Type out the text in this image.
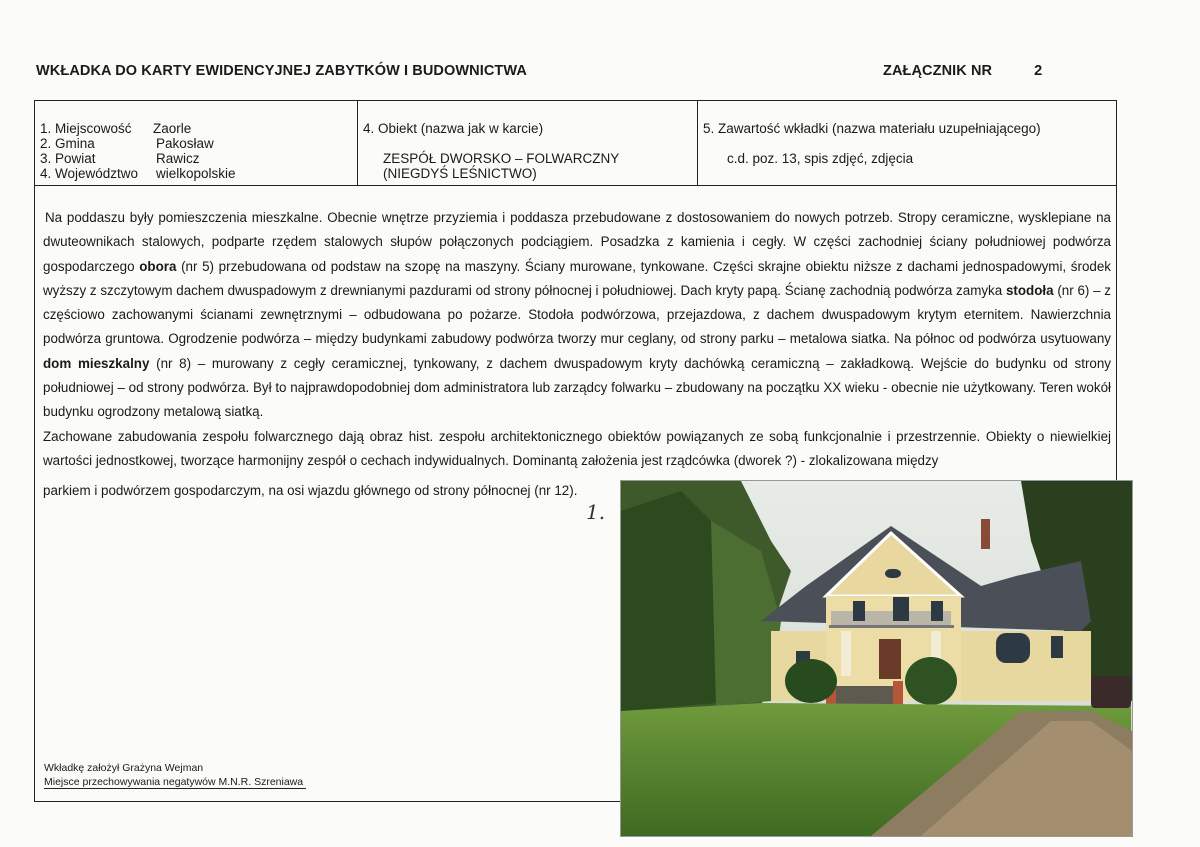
WKŁADKA DO KARTY EWIDENCYJNEJ ZABYTKÓW I BUDOWNICTWA	ZAŁĄCZNIK NR	2
1. Miejscowość Zaorle
2. Gmina	Pakosław
3. Powiat	Rawicz
4. Województwo wielkopolskie
4. Obiekt (nazwa jak w karcie)
ZESPÓŁ DWORSKO – FOLWARCZNY
(NIEGDYŚ LEŚNICTWO)
5. Zawartość wkładki (nazwa materiału uzupełniającego)
c.d. poz. 13, spis zdjęć, zdjęcia
Na poddaszu były pomieszczenia mieszkalne. Obecnie wnętrze przyziemia i poddasza przebudowane z dostosowaniem do nowych potrzeb. Stropy ceramiczne, wysklepiane na dwuteownikach stalowych, podparte rzędem stalowych słupów połączonych podciągiem. Posadzka z kamienia i cegły. W części zachodniej ściany południowej podwórza gospodarczego obora (nr 5) przebudowana od podstaw na szopę na maszyny. Ściany murowane, tynkowane. Części skrajne obiektu niższe z dachami jednospadowymi, środek wyższy z szczytowym dachem dwuspadowym z drewnianymi pazdurami od strony północnej i południowej. Dach kryty papą. Ścianę zachodnią podwórza zamyka stodoła (nr 6) – z częściowo zachowanymi ścianami zewnętrznymi – odbudowana po pożarze. Stodoła podwórzowa, przejazdowa, z dachem dwuspadowym krytym eternitem. Nawierzchnia podwórza gruntowa. Ogrodzenie podwórza – między budynkami zabudowy podwórza tworzy mur ceglany, od strony parku – metalowa siatka. Na północ od podwórza usytuowany dom mieszkalny (nr 8) – murowany z cegły ceramicznej, tynkowany, z dachem dwuspadowym kryty dachówką ceramiczną – zakładkową. Wejście do budynku od strony południowej – od strony podwórza. Był to najprawdopodobniej dom administratora lub zarządcy folwarku – zbudowany na początku XX wieku - obecnie nie użytkowany. Teren wokół budynku ogrodzony metalową siatką.
Zachowane zabudowania zespołu folwarcznego dają obraz hist. zespołu architektonicznego obiektów powiązanych ze sobą funkcjonalnie i przestrzennie. Obiekty o niewielkiej wartości jednostkowej, tworzące harmonijny zespół o cechach indywidualnych. Dominantą założenia jest rządcówka (dworek ?) - zlokalizowana między
parkiem i podwórzem gospodarczym, na osi wjazdu głównego od strony północnej (nr 12).
1.
Wkładkę założył Grażyna Wejman
Miejsce przechowywania negatywów M.N.R. Szreniawa
